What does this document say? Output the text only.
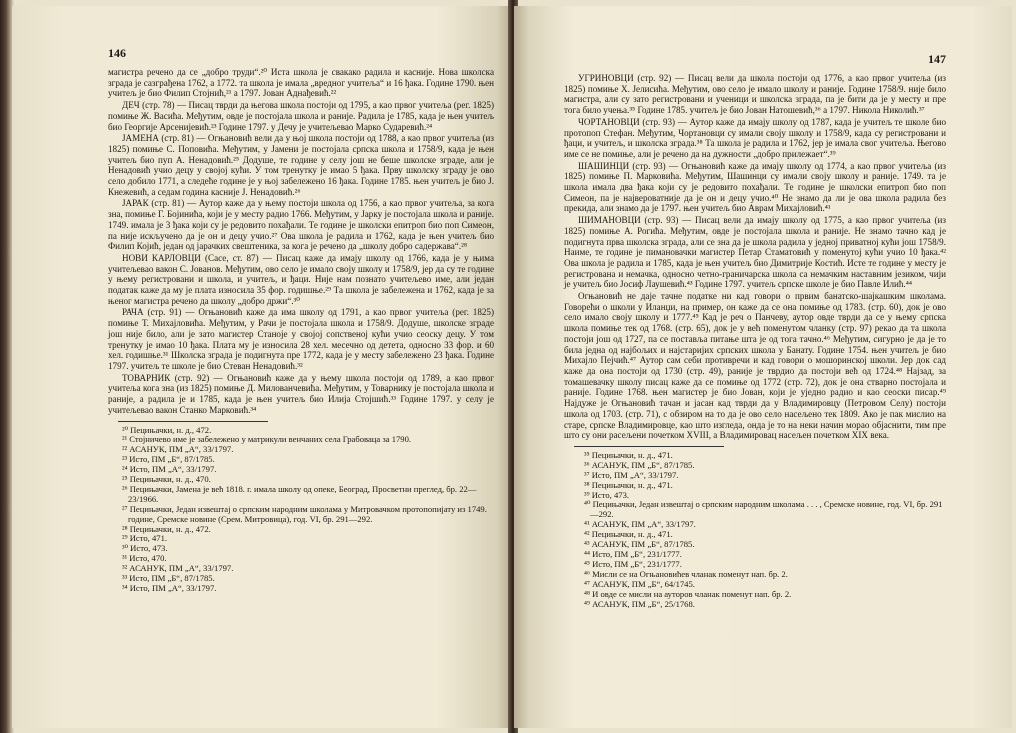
146

магистра речено да се „добро труди“.²⁰ Иста школа је свакако радила и касније. Нова школска зграда је сазграђена 1762, а 1772. та школа је имала „вредног учитеља“ и 16 ђака. Године 1790. њен учитељ је био Филип Стојнић,²¹ а 1797. Јован Аднађевић.²²

ДЕЧ (стр. 78) — Писац тврди да његова школа постоји од 1795, а као првог учитеља (рег. 1825) помиње Ж. Васића. Међутим, овде је постојала школа и раније. Радила је 1785, када је њен учитељ био Георгије Арсенијевић.²³ Године 1797. у Дечу је учитељевао Марко Сударевић.²⁴

ЈАМЕНА (стр. 81) — Огњановић вели да у њој школа постоји од 1788, а као првог учитеља (из 1825) помиње С. Поповића. Међутим, у Јамени је постојала српска школа и 1758/9, када је њен учитељ био пуп А. Ненадовић.²⁵ Додуше, те године у селу још не беше школске зграде, али је Ненадовић учио децу у својој кући. У том тренутку је имао 5 ђака. Прву школску зграду је ово село добило 1771, а следеће године је у њој забележено 16 ђака. Године 1785. њен учитељ је био Ј. Кнежевић, а седам година касније Ј. Ненадовић.²⁶

ЈАРАК (стр. 81) — Аутор каже да у њему постоји школа од 1756, а као првог учитеља, за кога зна, помиње Г. Бојинића, који је у месту радио 1766. Међутим, у Јарку је постојала школа и раније. 1749. имала је 3 ђака који су је редовито похађали. Те године је школски епитроп био поп Симеон, па није искључено да је он и децу учио.²⁷ Ова школа је радила и 1762, када је њен учитељ био Филип Којић, један од јарачких свештеника, за кога је речено да „школу добро садержава“.²⁸

НОВИ КАРЛОВЦИ (Сасе, ст. 87) — Писац каже да имају школу од 1766, када је у њима учитељевао вакон С. Јованов. Међутим, ово село је имало своју школу и 1758/9, јер да су те године у њему регистровани и школа, и учитељ, и ђаци. Није нам познато учитељево име, али један податак каже да му је плата износила 35 фор. годишње.²⁹ Та школа је забележена и 1762, када је за њеног магистра речено да школу „добро држи“.³⁰

РАЧА (стр. 91) — Огњановић каже да има школу од 1791, а као првог учитеља (рег. 1825) помиње Т. Михајловића. Међутим, у Рачи је постојала школа и 1758/9. Додуше, школске зграде још није било, али је зато магистер Станоје у својој сопственој кући учио сеоску децу. У том тренутку је имао 10 ђака. Плата му је износила 28 хел. месечно од детета, односно 33 фор. и 60 хел. годишње.³¹ Школска зграда је подигнута пре 1772, када је у месту забележено 23 ђака. Године 1797. учитељ те школе је био Стеван Ненадовић.³²

ТОВАРНИК (стр. 92) — Огњановић каже да у њему школа постоји од 1789, а као првог учитеља кога зна (из 1825) помиње Д. Милованчевића. Међутим, у Товарнику је постојала школа и раније, а радила је и 1785, када је њен учитељ био Илија Стојшић.³³ Године 1797. у селу је учитељевао вакон Станко Марковић.³⁴

²⁰ Пецињачки, н. д., 472.
²¹ Стојничево име је забележено у матрикули венчаних села Грабоваца за 1790.
²² АСАНУК, ПМ „А“, 33/1797.
²³ Исто, ПМ „Б“, 87/1785.
²⁴ Исто, ПМ „А“, 33/1797.
²⁵ Пецињачки, н. д., 470.
²⁶ Пецињачки, Јамена је већ 1818. г. имала школу од опеке, Београд, Просветни преглед, бр. 22—23/1966.
²⁷ Пецињачки, Један извештај о српским народним школама у Митровачком протопопијату из 1749. године, Сремске новине (Срем. Митровица), год. VI, бр. 291—292.
²⁸ Пецињачки, н. д., 472.
²⁹ Исто, 471.
³⁰ Исто, 473.
³¹ Исто, 470.
³² АСАНУК, ПМ „А“, 33/1797.
³³ Исто, ПМ „Б“, 87/1785.
³⁴ Исто, ПМ „А“, 33/1797.
147

УГРИНОВЦИ (стр. 92) — Писац вели да школа постоји од 1776, а као првог учитеља (из 1825) помиње Х. Јелисића. Међутим, ово село је имало школу и раније. Године 1758/9. није било магистра, али су зато регистровани и ученици и школска зграда, па је бити да је у месту и пре тога било учења.³⁵ Године 1785. учитељ је био Јован Натошевић,³⁶ а 1797. Никола Николић.³⁷

ЧОРТАНОВЦИ (стр. 93) — Аутор каже да имају школу од 1787, када је учитељ те школе био протопоп Стефан. Међутим, Чортановци су имали своју школу и 1758/9, када су регистровани и ђаци, и учитељ, и школска зграда.³⁸ Та школа је радила и 1762, јер је имала свог учитеља. Његово име се не помиње, али је речено да на дужности „добро прилежает“.³⁹

ШАШИНЦИ (стр. 93) — Огњановић каже да имају школу од 1774, а као првог учитеља (из 1825) помиње П. Марковића. Међутим, Шашинци су имали своју школу и раније. 1749. та је школа имала два ђака који су је редовито похађали. Те године је школски епитроп био поп Симеон, па је највероватније да је он и децу учио.⁴⁰ Не знамо да ли је ова школа радила без прекида, али знамо да је 1797. њен учитељ био Аврам Михајловић.⁴¹

ШИМАНОВЦИ (стр. 93) — Писац вели да имају школу од 1775, а као првог учитеља (из 1825) помиње А. Рогића. Међутим, овде је постојала школа и раније. Не знамо тачно кад је подигнута прва школска зграда, али се зна да је школа радила у једној приватној кући још 1758/9. Наиме, те године је пимановачки магистер Петар Стаматовић у поменутој кући учио 10 ђака.⁴² Ова школа је радила и 1785, када је њен учитељ био Димитрије Костић. Исте те године у месту је регистрована и немачка, односно четно-граничарска школа са немачким наставним језиком, чији је учитељ био Јосиф Лаушевић.⁴³ Године 1797. учитељ српске школе је био Павле Илић.⁴⁴

Огњановић не даје тачне податке ни кад говори о првим банатско-шајкашким школама. Говорећи о школи у Иланџи, на пример, он каже да се она помиње од 1783. (стр. 60), док је ово село имало своју школу и 1777.⁴⁵ Кад је реч о Панчеву, аутор овде тврди да се у њему српска школа помиње тек од 1768. (стр. 65), док је у већ поменутом чланку (стр. 97) рекао да та школа постоји још од 1727, па се поставља питање шта је од тога тачно.⁴⁶ Међутим, сигурно је да је то била једна од најбољих и најстаријих српских школа у Банату. Године 1754. њен учитељ је био Михајло Пејчић.⁴⁷ Аутор сам себи противречи и кад говори о мошоринској школи. Јер док сад каже да она постоји од 1730 (стр. 49), раније је тврдио да постоји већ од 1724.⁴⁸ Најзад, за томашевачку школу писац каже да се помиње од 1772 (стр. 72), док је она стварно постојала и раније. Године 1768. њен магистер је био Јован, који је уједно радио и као сеоски писар.⁴⁹ Најдуже је Огњановић тачан и јасан кад тврди да у Владимировцу (Петровом Селу) постоји школа од 1703. (стр. 71), с обзиром на то да је ово село насељено тек 1809. Ако је пак мислио на старе, српске Владимировце, као што изгледа, онда је то на неки начин морао објаснити, тим пре што су они расељени почетком XVIII, а Владимировац насељен почетком XIX века.

³⁵ Пецињачки, н. д., 471.
³⁶ АСАНУК, ПМ „Б“, 87/1785.
³⁷ Исто, ПМ „А“, 33/1797.
³⁸ Пецињачки, н. д., 471.
³⁹ Исто, 473.
⁴⁰ Пецињачки, Један извештај о српским народним школама . . . , Сремске новине, год. VI, бр. 291—292.
⁴¹ АСАНУК, ПМ „А“, 33/1797.
⁴² Пецињачки, н. д., 471.
⁴³ АСАНУК, ПМ „Б“, 87/1785.
⁴⁴ Исто, ПМ „Б“, 231/1777.
⁴⁵ Исто, ПМ „Б“, 231/1777.
⁴⁶ Мисли се на Огњановићев чланак поменут нап. бр. 2.
⁴⁷ АСАНУК, ПМ „Б“, 64/1745.
⁴⁸ И овде се мисли на ауторов чланак поменут нап. бр. 2.
⁴⁹ АСАНУК, ПМ „Б“, 25/1768.
